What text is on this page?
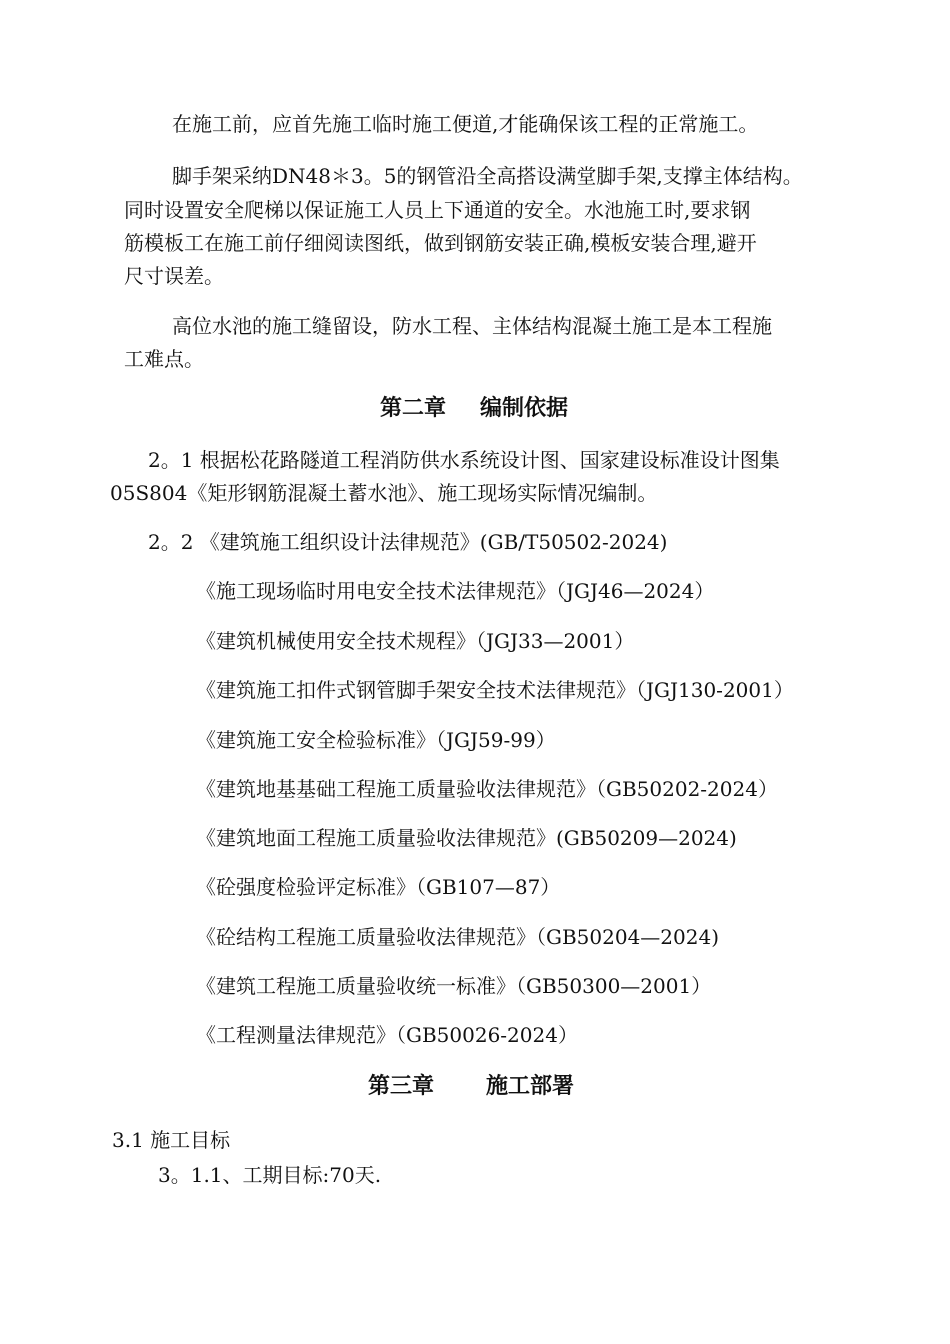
在施工前，应首先施工临时施工便道,才能确保该工程的正常施工。
脚手架采纳DN48＊3。5的钢管沿全高搭设满堂脚手架,支撑主体结构。
同时设置安全爬梯以保证施工人员上下通道的安全。水池施工时,要求钢
筋模板工在施工前仔细阅读图纸，做到钢筋安装正确,模板安装合理,避开
尺寸误差。
高位水池的施工缝留设，防水工程、主体结构混凝土施工是本工程施
工难点。
第二章 编制依据
2。1 根据松花路隧道工程消防供水系统设计图、国家建设标准设计图集
05S804《矩形钢筋混凝土蓄水池》、施工现场实际情况编制。
2。2 《建筑施工组织设计法律规范》(GB/T50502-2024)
《施工现场临时用电安全技术法律规范》（JGJ46—2024）
《建筑机械使用安全技术规程》（JGJ33—2001）
《建筑施工扣件式钢管脚手架安全技术法律规范》（JGJ130-2001）
《建筑施工安全检验标准》（JGJ59-99）
《建筑地基基础工程施工质量验收法律规范》（GB50202-2024）
《建筑地面工程施工质量验收法律规范》(GB50209—2024)
《砼强度检验评定标准》（GB107—87）
《砼结构工程施工质量验收法律规范》（GB50204—2024)
《建筑工程施工质量验收统一标准》（GB50300—2001）
《工程测量法律规范》（GB50026-2024）
第三章 施工部署
3.1 施工目标
3。1.1、工期目标:70天.
